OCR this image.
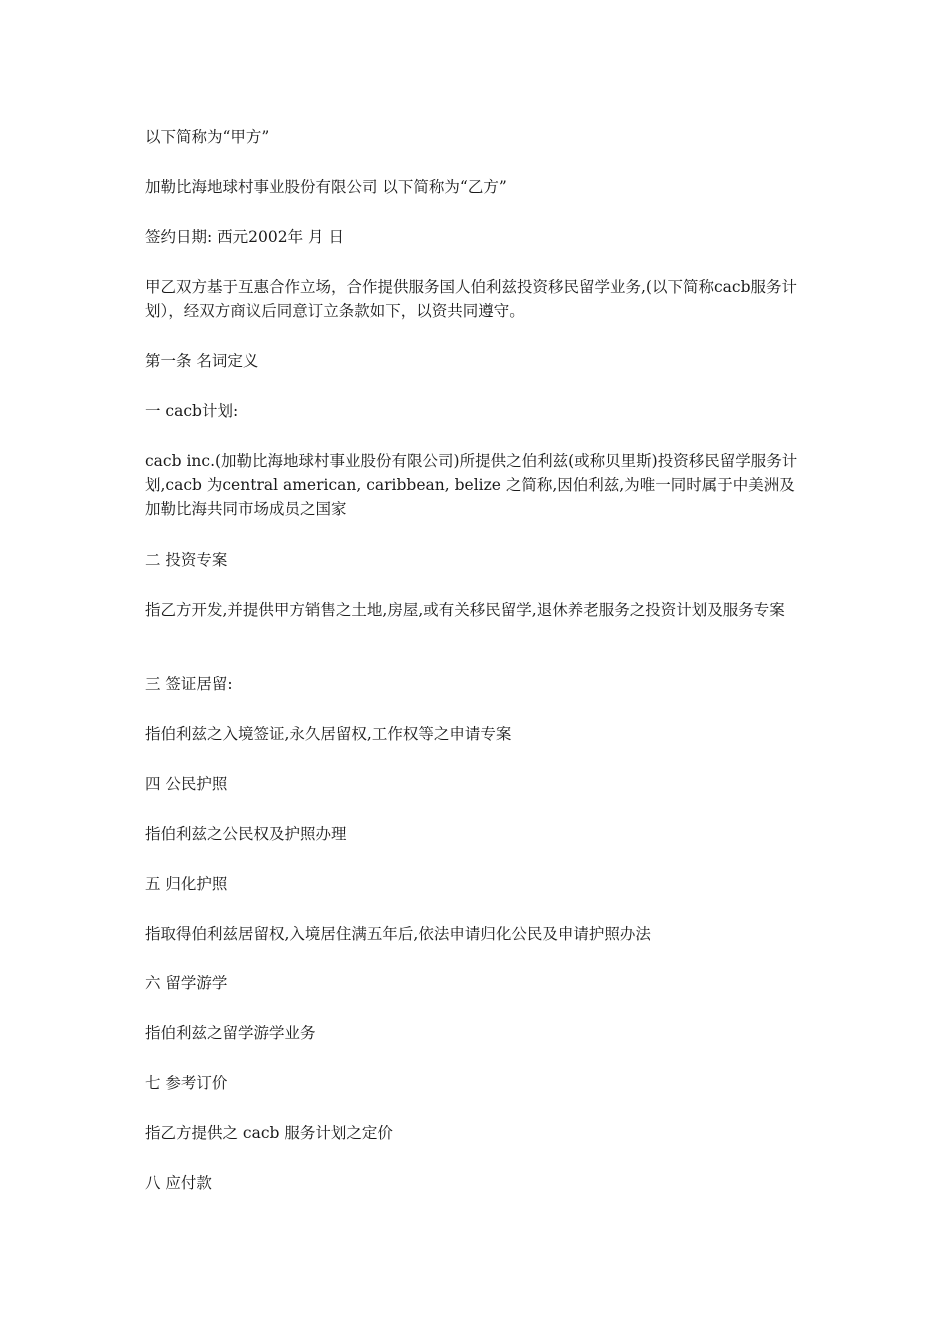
以下简称为“甲方”

加勒比海地球村事业股份有限公司 以下简称为“乙方”

签约日期: 西元2002年 月 日

甲乙双方基于互惠合作立场，合作提供服务国人伯利兹投资移民留学业务,(以下简称cacb服务计划），经双方商议后同意订立条款如下，以资共同遵守。

第一条 名词定义

一 cacb计划:

cacb inc.(加勒比海地球村事业股份有限公司)所提供之伯利兹(或称贝里斯)投资移民留学服务计划,cacb 为central american, caribbean, belize 之简称,因伯利兹,为唯一同时属于中美洲及加勒比海共同市场成员之国家

二 投资专案

指乙方开发,并提供甲方销售之土地,房屋,或有关移民留学,退休养老服务之投资计划及服务专案

三 签证居留:

指伯利兹之入境签证,永久居留权,工作权等之申请专案

四 公民护照

指伯利兹之公民权及护照办理

五 归化护照

指取得伯利兹居留权,入境居住满五年后,依法申请归化公民及申请护照办法

六 留学游学

指伯利兹之留学游学业务

七 参考订价

指乙方提供之 cacb 服务计划之定价

八 应付款
